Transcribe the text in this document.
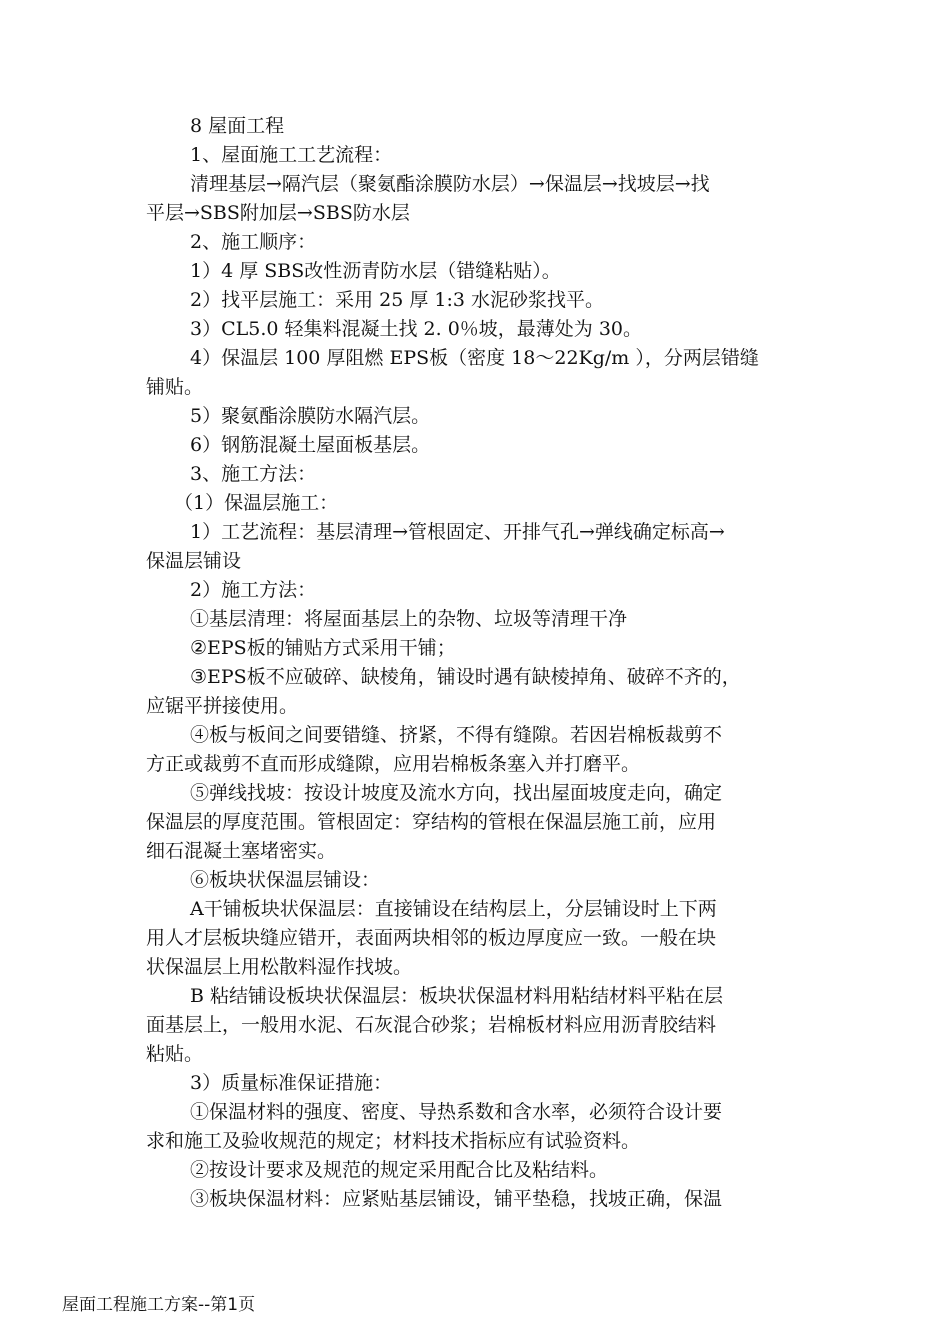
8 屋面工程

1、屋面施工工艺流程：

清理基层→隔汽层（聚氨酯涂膜防水层）→保温层→找坡层→找

平层→SBS附加层→SBS防水层

2、施工顺序：

1）4 厚 SBS改性沥青防水层（错缝粘贴）。

2）找平层施工：采用 25 厚 1:3 水泥砂浆找平。

3）CL5.0 轻集料混凝土找 2. 0％坡，最薄处为 30。

4）保温层 100 厚阻燃 EPS板（密度 18～22Kg/m ），分两层错缝

铺贴。

5）聚氨酯涂膜防水隔汽层。

6）钢筋混凝土屋面板基层。

3、施工方法：

（1）保温层施工：

1）工艺流程：基层清理→管根固定、开排气孔→弹线确定标高→

保温层铺设

2）施工方法：

①基层清理：将屋面基层上的杂物、垃圾等清理干净

②EPS板的铺贴方式采用干铺；

③EPS板不应破碎、缺棱角，铺设时遇有缺棱掉角、破碎不齐的，

应锯平拼接使用。

④板与板间之间要错缝、挤紧，不得有缝隙。若因岩棉板裁剪不

方正或裁剪不直而形成缝隙，应用岩棉板条塞入并打磨平。

⑤弹线找坡：按设计坡度及流水方向，找出屋面坡度走向，确定

保温层的厚度范围。管根固定：穿结构的管根在保温层施工前，应用

细石混凝土塞堵密实。

⑥板块状保温层铺设：

A干铺板块状保温层：直接铺设在结构层上，分层铺设时上下两

用人才层板块缝应错开，表面两块相邻的板边厚度应一致。一般在块

状保温层上用松散料湿作找坡。

B 粘结铺设板块状保温层：板块状保温材料用粘结材料平粘在层

面基层上，一般用水泥、石灰混合砂浆；岩棉板材料应用沥青胶结料

粘贴。

3）质量标准保证措施：

①保温材料的强度、密度、导热系数和含水率，必须符合设计要

求和施工及验收规范的规定；材料技术指标应有试验资料。

②按设计要求及规范的规定采用配合比及粘结料。

③板块保温材料：应紧贴基层铺设，铺平垫稳，找坡正确，保温

屋面工程施工方案--第1页
